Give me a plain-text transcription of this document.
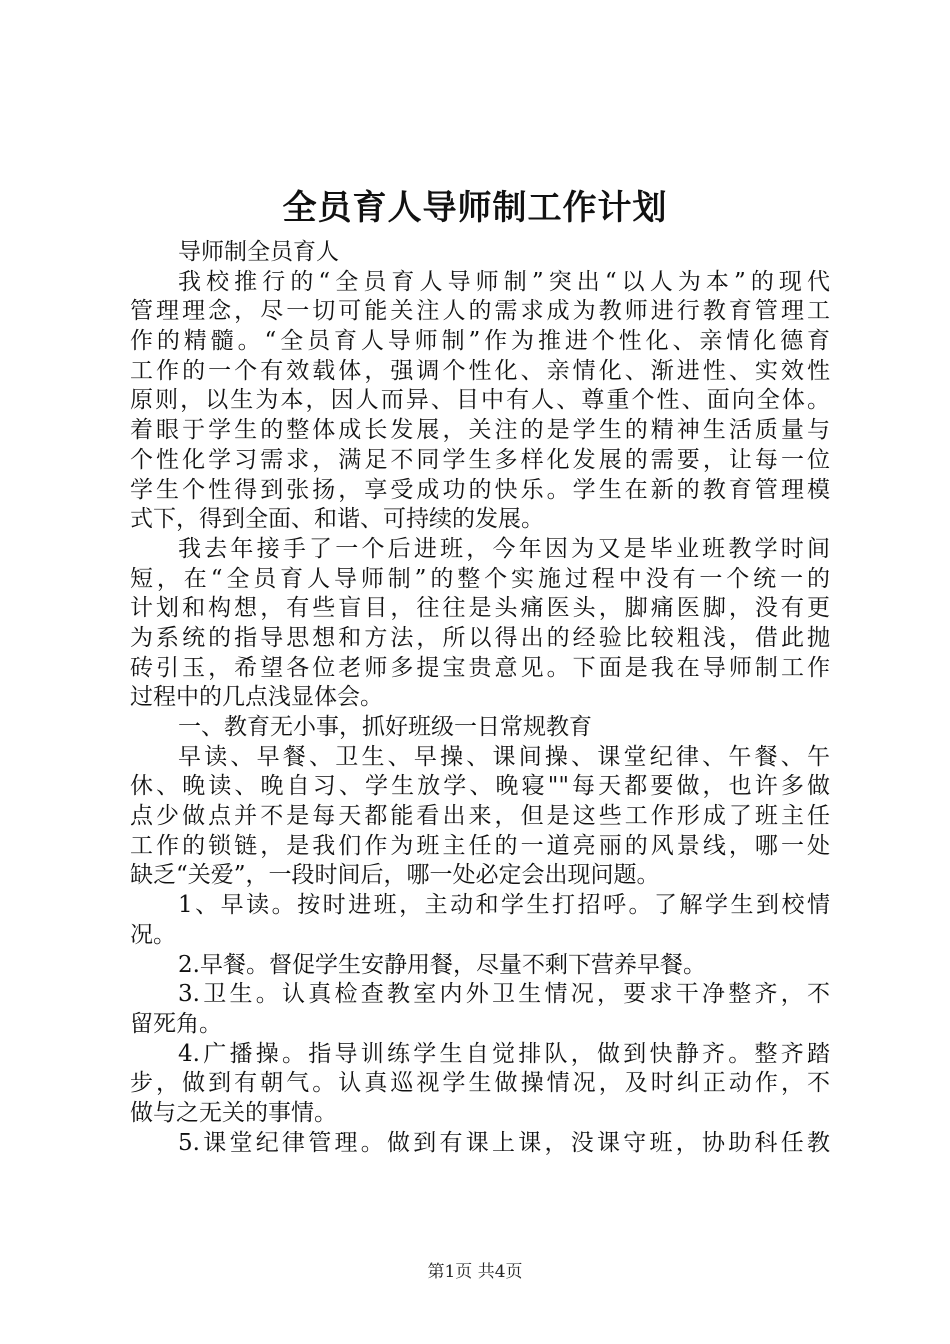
全员育人导师制工作计划
导师制全员育人
我校推行的“全员育人导师制”突出“以人为本”的现代
管理理念，尽一切可能关注人的需求成为教师进行教育管理工
作的精髓。“全员育人导师制”作为推进个性化、亲情化德育
工作的一个有效载体，强调个性化、亲情化、渐进性、实效性
原则，以生为本，因人而异、目中有人、尊重个性、面向全体。
着眼于学生的整体成长发展，关注的是学生的精神生活质量与
个性化学习需求，满足不同学生多样化发展的需要，让每一位
学生个性得到张扬，享受成功的快乐。学生在新的教育管理模
式下，得到全面、和谐、可持续的发展。
我去年接手了一个后进班，今年因为又是毕业班教学时间
短，在“全员育人导师制”的整个实施过程中没有一个统一的
计划和构想，有些盲目，往往是头痛医头，脚痛医脚，没有更
为系统的指导思想和方法，所以得出的经验比较粗浅，借此抛
砖引玉，希望各位老师多提宝贵意见。下面是我在导师制工作
过程中的几点浅显体会。
一、教育无小事，抓好班级一日常规教育
早读、早餐、卫生、早操、课间操、课堂纪律、午餐、午
休、晚读、晚自习、学生放学、晚寝""每天都要做，也许多做
点少做点并不是每天都能看出来，但是这些工作形成了班主任
工作的锁链，是我们作为班主任的一道亮丽的风景线，哪一处
缺乏“关爱”，一段时间后，哪一处必定会出现问题。
1、早读。按时进班，主动和学生打招呼。了解学生到校情
况。
2.早餐。督促学生安静用餐，尽量不剩下营养早餐。
3.卫生。认真检查教室内外卫生情况，要求干净整齐，不
留死角。
4.广播操。指导训练学生自觉排队，做到快静齐。整齐踏
步，做到有朝气。认真巡视学生做操情况，及时纠正动作，不
做与之无关的事情。
5.课堂纪律管理。做到有课上课，没课守班，协助科任教
第1页 共4页
